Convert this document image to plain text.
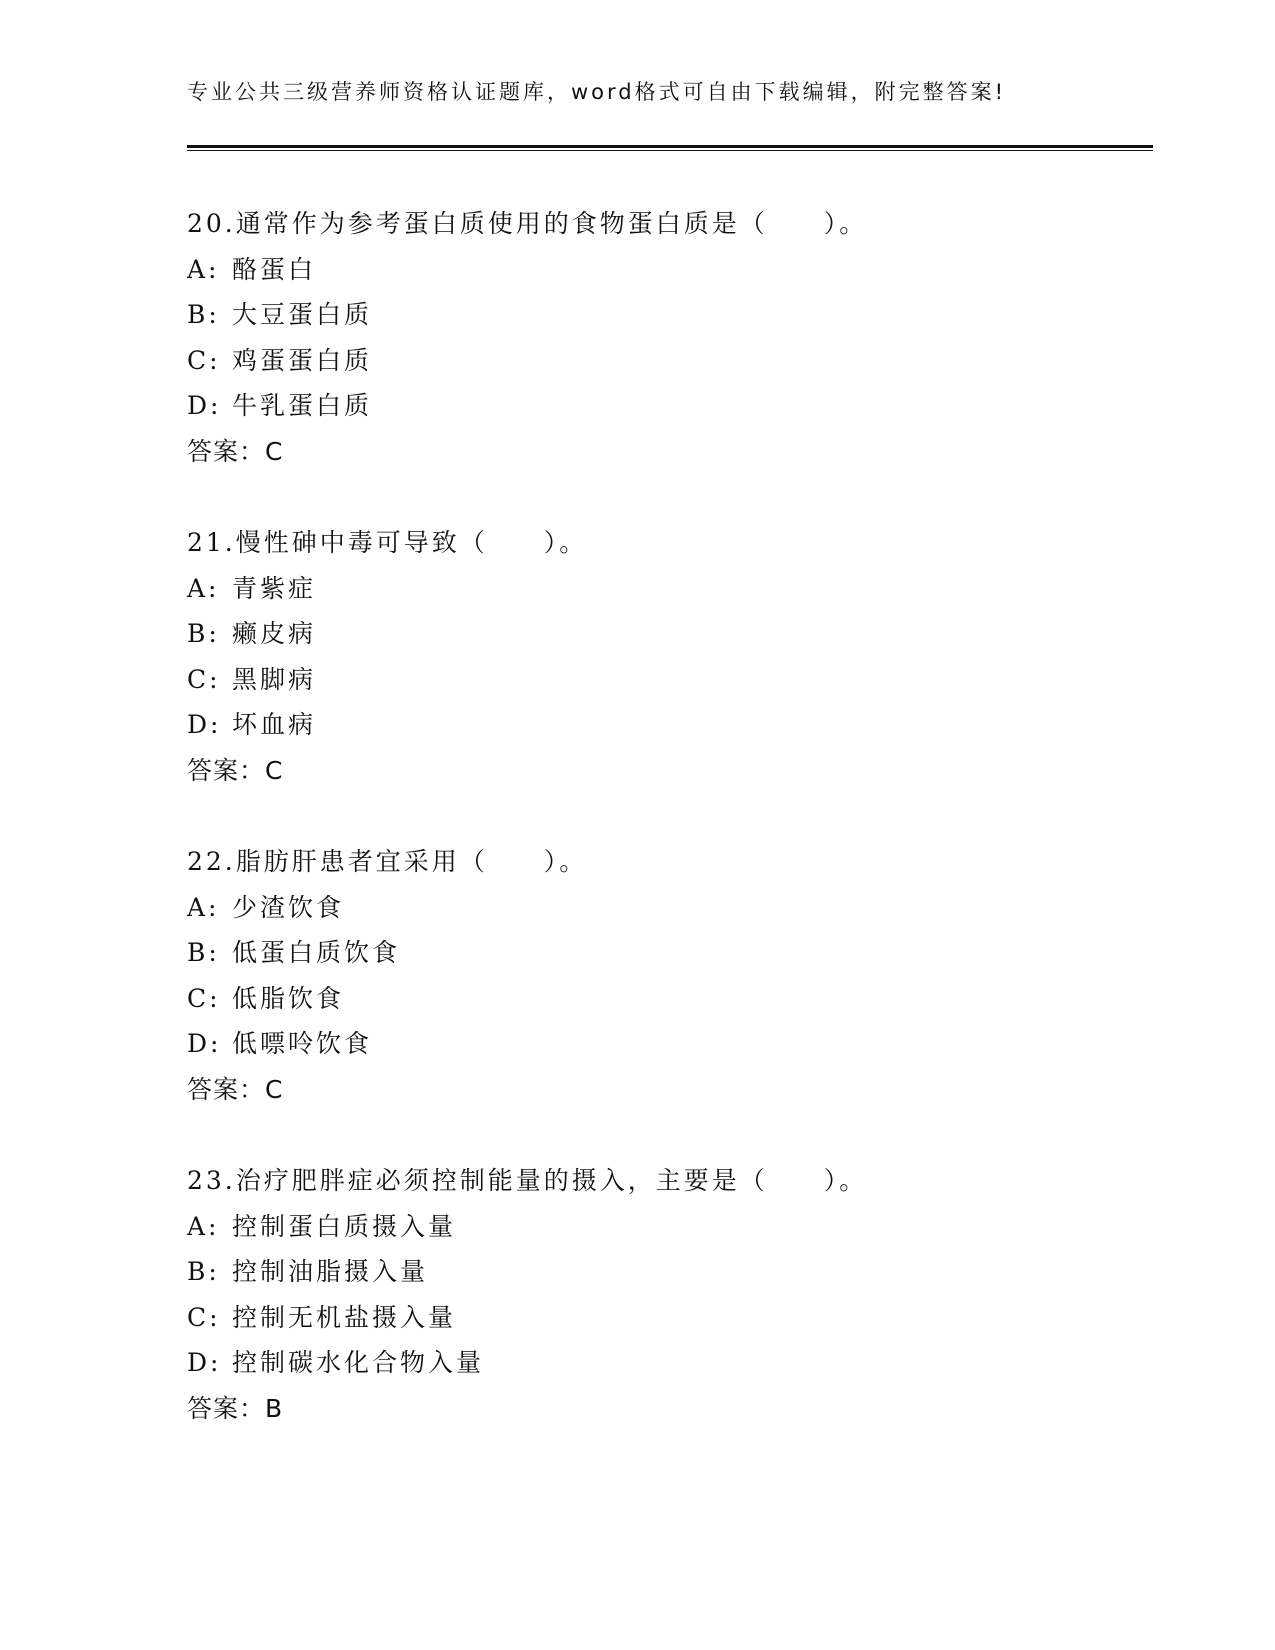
专业公共三级营养师资格认证题库，word格式可自由下载编辑，附完整答案!
20.通常作为参考蛋白质使用的食物蛋白质是（　　）。
A: 酪蛋白
B: 大豆蛋白质
C: 鸡蛋蛋白质
D: 牛乳蛋白质
答案：C
21.慢性砷中毒可导致（　　）。
A: 青紫症
B: 癞皮病
C: 黑脚病
D: 坏血病
答案：C
22.脂肪肝患者宜采用（　　）。
A: 少渣饮食
B: 低蛋白质饮食
C: 低脂饮食
D: 低嘌呤饮食
答案：C
23.治疗肥胖症必须控制能量的摄入，主要是（　　）。
A: 控制蛋白质摄入量
B: 控制油脂摄入量
C: 控制无机盐摄入量
D: 控制碳水化合物入量
答案：B
